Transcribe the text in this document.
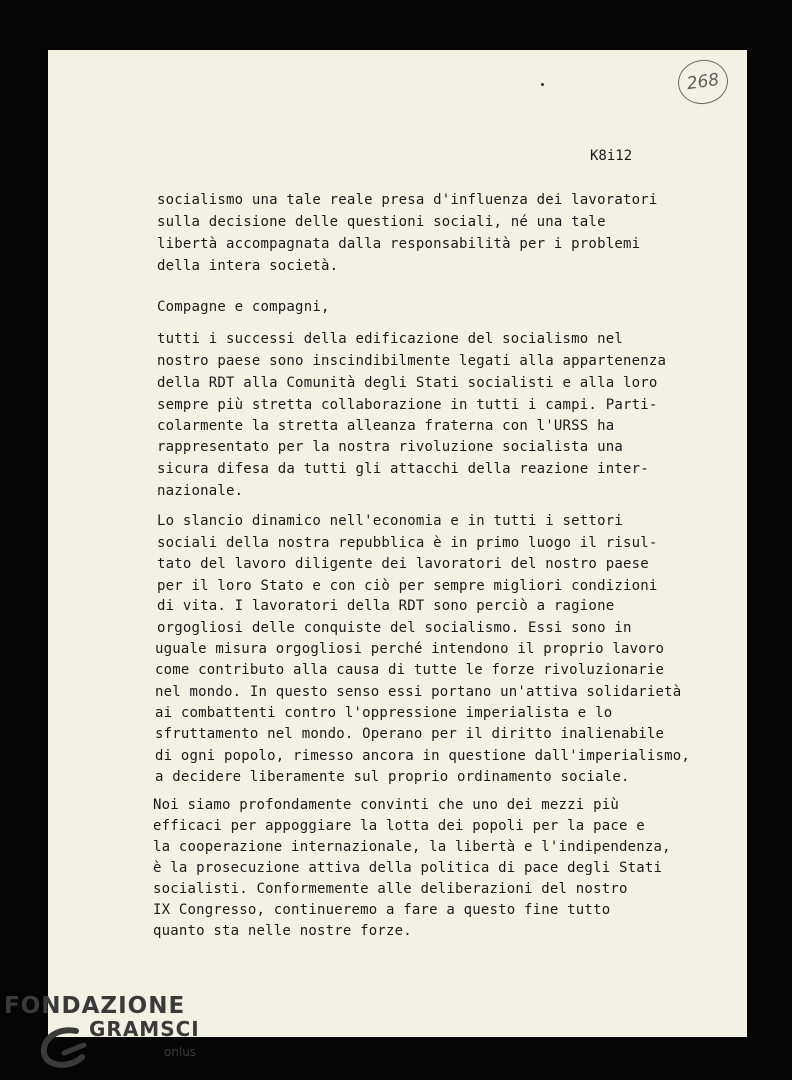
268
K8i12
socialismo una tale reale presa d'influenza dei lavoratori
sulla decisione delle questioni sociali, né una tale
libertà accompagnata dalla responsabilità per i problemi
della intera società.
Compagne e compagni,
tutti i successi della edificazione del socialismo nel
nostro paese sono inscindibilmente legati alla appartenenza
della RDT alla Comunità degli Stati socialisti e alla loro
sempre più stretta collaborazione in tutti i campi. Parti-
colarmente la stretta alleanza fraterna con l'URSS ha
rappresentato per la nostra rivoluzione socialista una
sicura difesa da tutti gli attacchi della reazione inter-
nazionale.
Lo slancio dinamico nell'economia e in tutti i settori
sociali della nostra repubblica è in primo luogo il risul-
tato del lavoro diligente dei lavoratori del nostro paese
per il loro Stato e con ciò per sempre migliori condizioni
di vita. I lavoratori della RDT sono perciò a ragione
orgogliosi delle conquiste del socialismo. Essi sono in
uguale misura orgogliosi perché intendono il proprio lavoro
come contributo alla causa di tutte le forze rivoluzionarie
nel mondo. In questo senso essi portano un'attiva solidarietà
ai combattenti contro l'oppressione imperialista e lo
sfruttamento nel mondo. Operano per il diritto inalienabile
di ogni popolo, rimesso ancora in questione dall'imperialismo,
a decidere liberamente sul proprio ordinamento sociale.
Noi siamo profondamente convinti che uno dei mezzi più
efficaci per appoggiare la lotta dei popoli per la pace e
la cooperazione internazionale, la libertà e l'indipendenza,
è la prosecuzione attiva della politica di pace degli Stati
socialisti. Conformemente alle deliberazioni del nostro
IX Congresso, continueremo a fare a questo fine tutto
quanto sta nelle nostre forze.
FONDAZIONE
GRAMSCI
onlus
